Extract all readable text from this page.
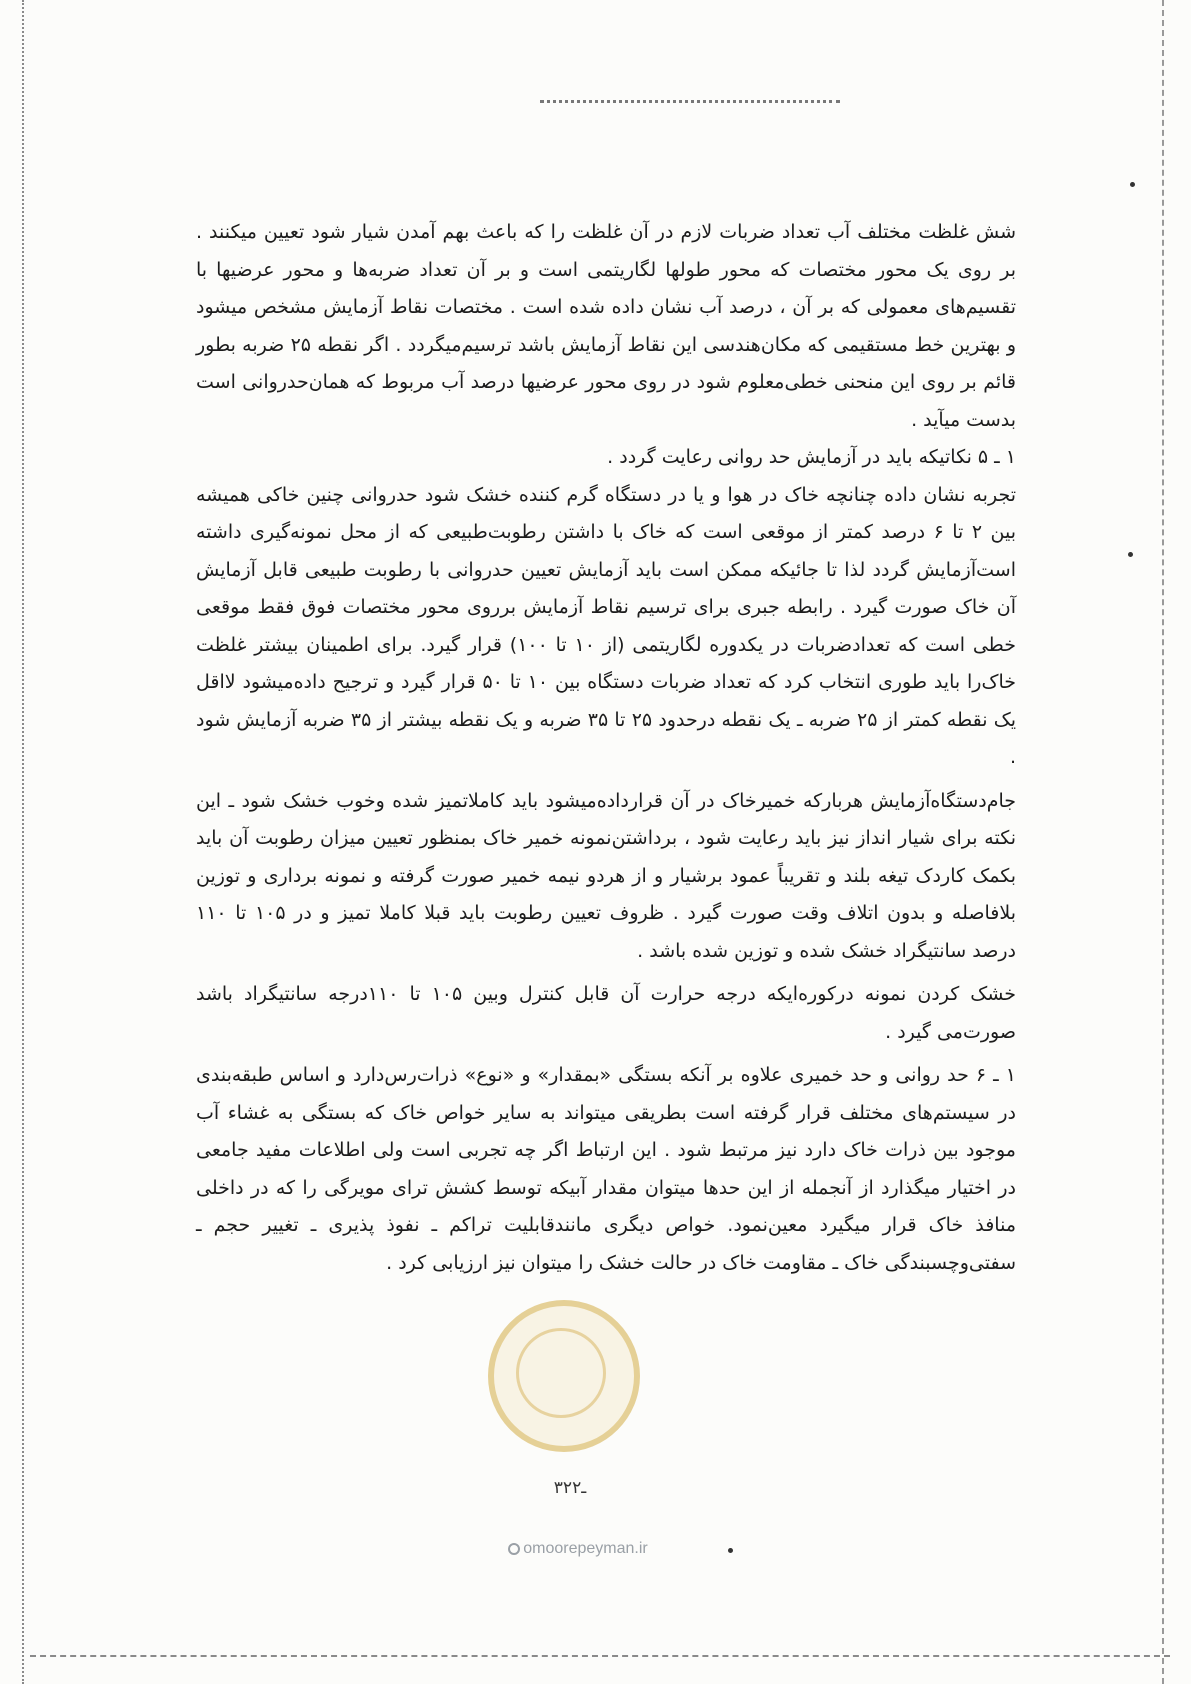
شش غلظت مختلف آب تعداد ضربات لازم در آن غلظت را که باعث بهم آمدن شیار شود تعیین میکنند . بر روی یک محور مختصات که محور طولها لگاریتمی است و بر آن تعداد ضربه‌ها و محور عرضیها با تقسیم‌های معمولی که بر آن ، درصد آب نشان داده شده است . مختصات نقاط آزمایش مشخص میشود و بهترین خط مستقیمی که مکان‌هندسی این نقاط آزمایش باشد ترسیم‌میگردد . اگر نقطه ۲۵ ضربه بطور قائم بر روی این منحنی خطی‌معلوم شود در روی محور عرضیها درصد آب مربوط که همان‌حدروانی است بدست میآید .

۱ ـ ۵ نکاتیکه باید در آزمایش حد روانی رعایت گردد .

تجربه نشان داده چنانچه خاک در هوا و یا در دستگاه گرم کننده خشک شود حدروانی چنین خاکی همیشه بین ۲ تا ۶ درصد کمتر از موقعی است که خاک با داشتن رطوبت‌طبیعی که از محل نمونه‌گیری داشته است‌آزمایش گردد لذا تا جائیکه ممکن است باید آزمایش تعیین حدروانی با رطوبت طبیعی قابل آزمایش آن خاک صورت گیرد . رابطه جبری برای ترسیم نقاط آزمایش برروی محور مختصات فوق فقط موقعی خطی است که تعدادضربات در یکدوره لگاریتمی (از ۱۰ تا ۱۰۰) قرار گیرد. برای اطمینان بیشتر غلظت خاک‌را باید طوری انتخاب کرد که تعداد ضربات دستگاه بین ۱۰ تا ۵۰ قرار گیرد و ترجیح داده‌میشود لااقل یک نقطه کمتر از ۲۵ ضربه ـ یک نقطه درحدود ۲۵ تا ۳۵ ضربه و یک نقطه بیشتر از ۳۵ ضربه آزمایش شود .

جام‌دستگاه‌آزمایش هربارکه خمیرخاک در آن قرارداده‌میشود باید کاملا‌تمیز شده وخوب خشک شود ـ این نکته برای شیار انداز نیز باید رعایت شود ، برداشتن‌نمونه خمیر خاک بمنظور تعیین میزان رطوبت آن باید بکمک کاردک تیغه بلند و تقریبا‌ً عمود برشیار و از هردو نیمه خمیر صورت گرفته و نمونه برداری و توزین بلافاصله و بدون اتلاف وقت صورت گیرد . ظروف تعیین رطوبت باید قبلا کاملا تمیز و در ۱۰۵ تا ۱۱۰ درصد سانتیگراد خشک شده و توزین شده باشد .

خشک کردن نمونه درکوره‌ایکه درجه حرارت آن قابل کنترل وبین ۱۰۵ تا ۱۱۰درجه سانتیگراد باشد صورت‌می گیرد .

۱ ـ ۶ حد روانی و حد خمیری علاوه بر آنکه بستگی «بمقدار» و «نوع» ذرات‌رس‌دارد و اساس طبقه‌بندی در سیستم‌های مختلف قرار گرفته است بطریقی میتواند به سایر خواص خاک که بستگی به غشاء آب موجود بین ذرات خاک دارد نیز مرتبط شود . این ارتباط اگر چه تجربی است ولی اطلاعات مفید جامعی در اختیار میگذارد از آنجمله از این حدها میتوان مقدار آبیکه توسط کشش ترای مویرگی را که در داخلی منافذ خاک قرار میگیرد معین‌نمود. خواص دیگری مانند‌قابلیت تراکم ـ نفوذ پذیری ـ تغییر حجم ـ سفتی‌وچسبندگی خاک ـ مقاومت خاک در حالت خشک را میتوان نیز ارزیابی کرد .

۳۲ـ۲
omoorepeyman.ir
